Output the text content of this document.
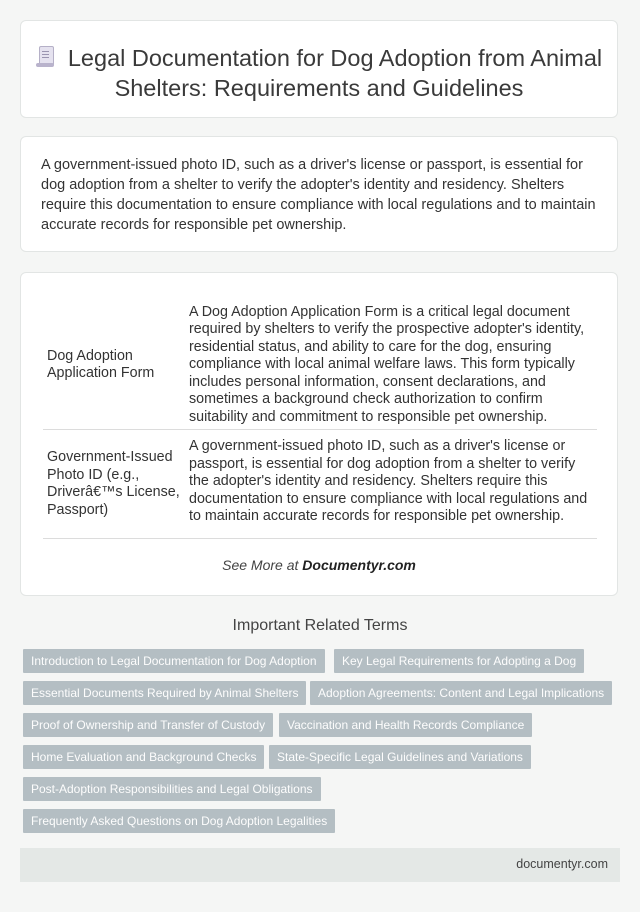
Legal Documentation for Dog Adoption from Animal Shelters: Requirements and Guidelines

A government-issued photo ID, such as a driver's license or passport, is essential for dog adoption from a shelter to verify the adopter's identity and residency. Shelters require this documentation to ensure compliance with local regulations and to maintain accurate records for responsible pet ownership.

Dog Adoption Application Form	A Dog Adoption Application Form is a critical legal document required by shelters to verify the prospective adopter's identity, residential status, and ability to care for the dog, ensuring compliance with local animal welfare laws. This form typically includes personal information, consent declarations, and sometimes a background check authorization to confirm suitability and commitment to responsible pet ownership.
Government-Issued Photo ID (e.g., Driverâ€™s License, Passport)	A government-issued photo ID, such as a driver's license or passport, is essential for dog adoption from a shelter to verify the adopter's identity and residency. Shelters require this documentation to ensure compliance with local regulations and to maintain accurate records for responsible pet ownership.
See More at Documentyr.com
Important Related Terms
Introduction to Legal Documentation for Dog Adoption	Key Legal Requirements for Adopting a Dog
Essential Documents Required by Animal Shelters	Adoption Agreements: Content and Legal Implications
Proof of Ownership and Transfer of Custody	Vaccination and Health Records Compliance
Home Evaluation and Background Checks	State-Specific Legal Guidelines and Variations
Post-Adoption Responsibilities and Legal Obligations
Frequently Asked Questions on Dog Adoption Legalities
documentyr.com
